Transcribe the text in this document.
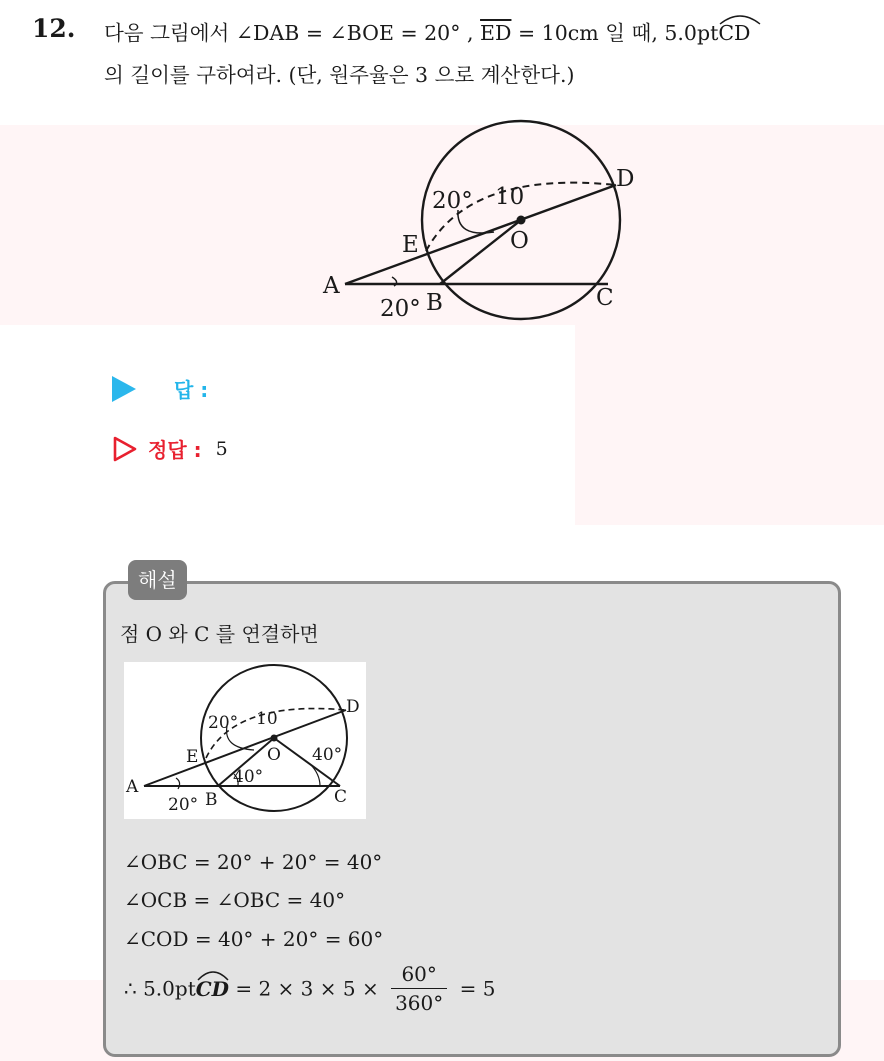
12. 다음 그림에서 ∠DAB = ∠BOE = 20° , $\overline{ED} = 10cm$ 일 때, 5.0pt
CD
의 길이를 구하여라. (단, 원주율은 3 으로 계산한다.)
A
B	C
D
E	O
20°
20° 10
답 :
정답 : 5
해설
점 O 와 C 를 연결하면
A
B	C
D
E	O
20°
20°
40°
40°
10
∠OBC = 20° + 20° = 40°
∠OCB = ∠OBC = 40°
∠COD = 40° + 20° = 60°
∴ 5.0pt
CD = $2 \times 3 \times 5 \times \frac{60^\circ}{360^\circ} = 5$
